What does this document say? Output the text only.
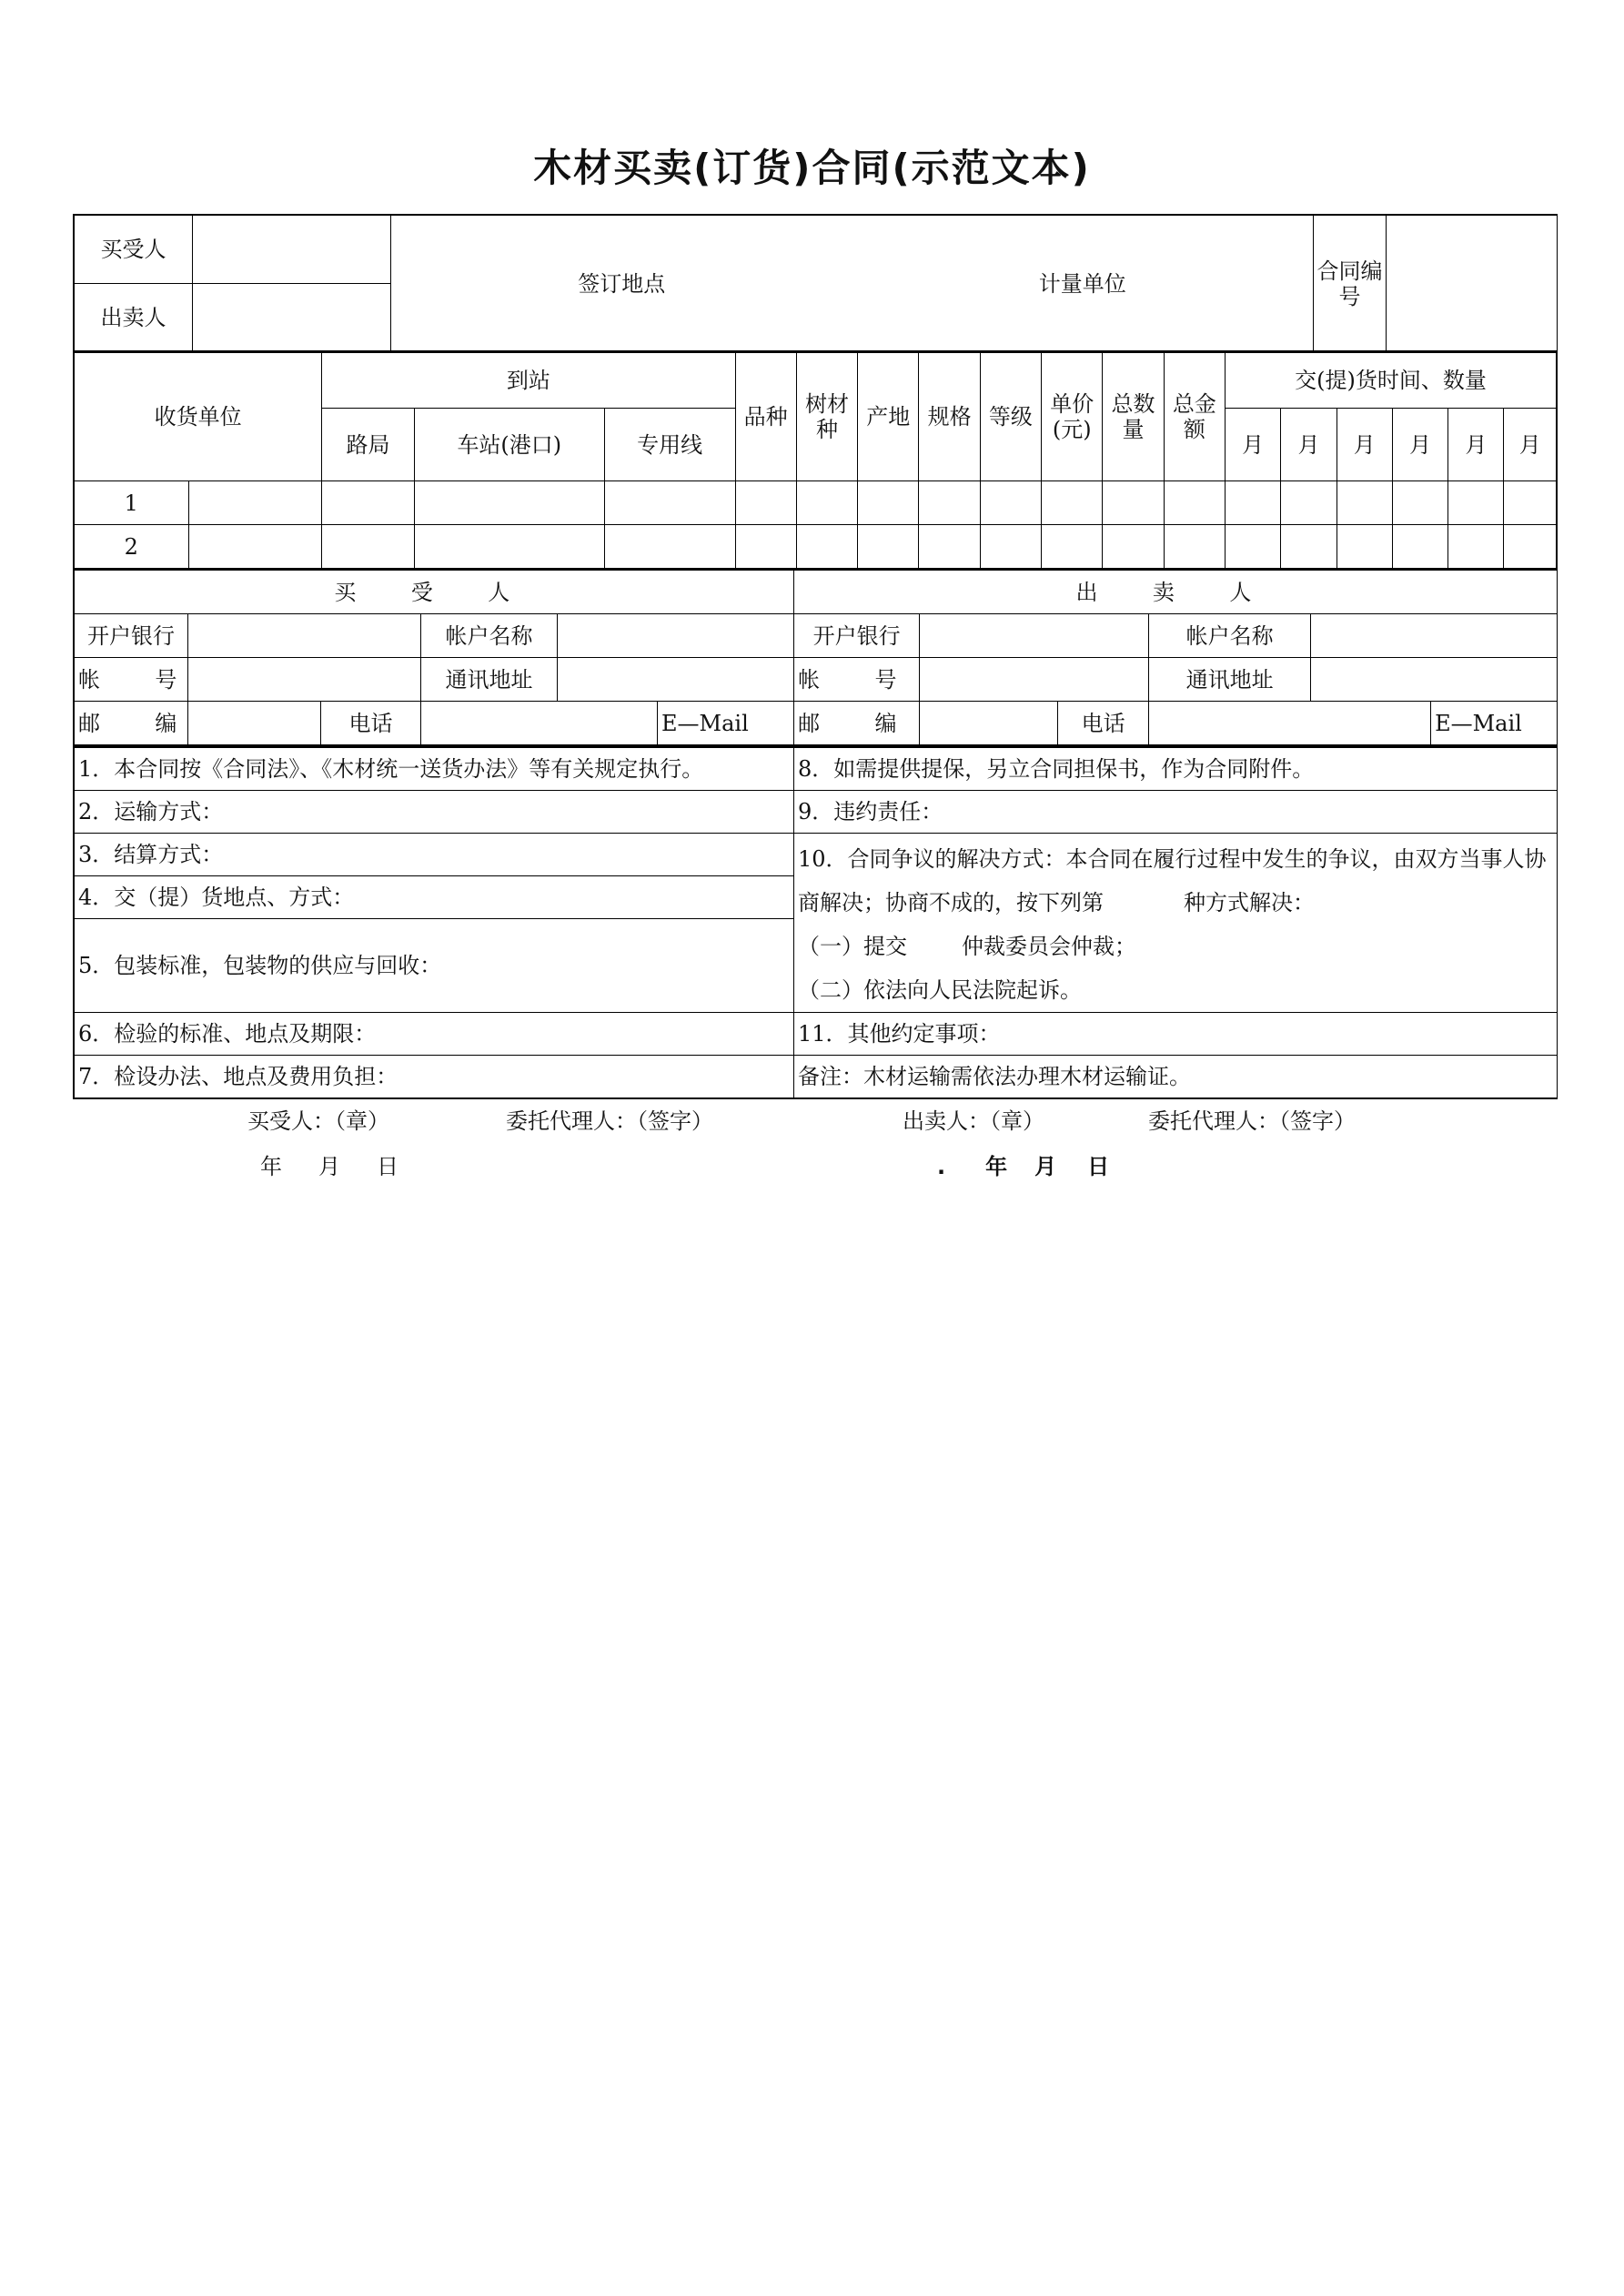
木材买卖(订货)合同(示范文本)
买受人		签订地点 计量单位	合同编号	
出卖人				
收货单位		到站			品种	树材种	产地	规格	等级	单价(元)	总数量	总金额	交(提)货时间、数量					
		路局	车站(港口)	专用线									月	月	月	月	月	月
1																		
2																		
买 受 人						出 卖 人					
开户银行			帐户名称			开户银行			帐户名称		
帐 号			通讯地址			帐 号			通讯地址		
邮 编		电话			E—Mail	邮 编		电话			E—Mail
1．本合同按《合同法》、《木材统一送货办法》等有关规定执行。	8．如需提供提保，另立合同担保书，作为合同附件。
2．运输方式：	9．违约责任：
3．结算方式：	10．合同争议的解决方式：本合同在履行过程中发生的争议，由双方当事人协商解决；协商不成的，按下列第 种方式解决：
（一）提交 仲裁委员会仲裁；
（二）依法向人民法院起诉。
4．交（提）货地点、方式：	
5．包装标准，包装物的供应与回收：	

6．检验的标准、地点及期限：	11．其他约定事项：
7．检设办法、地点及费用负担：	备注：木材运输需依法办理木材运输证。
买受人：（章）	委托代理人：（签字）	出卖人：（章）	委托代理人：（签字）
年 月 日	. 年 月 日
